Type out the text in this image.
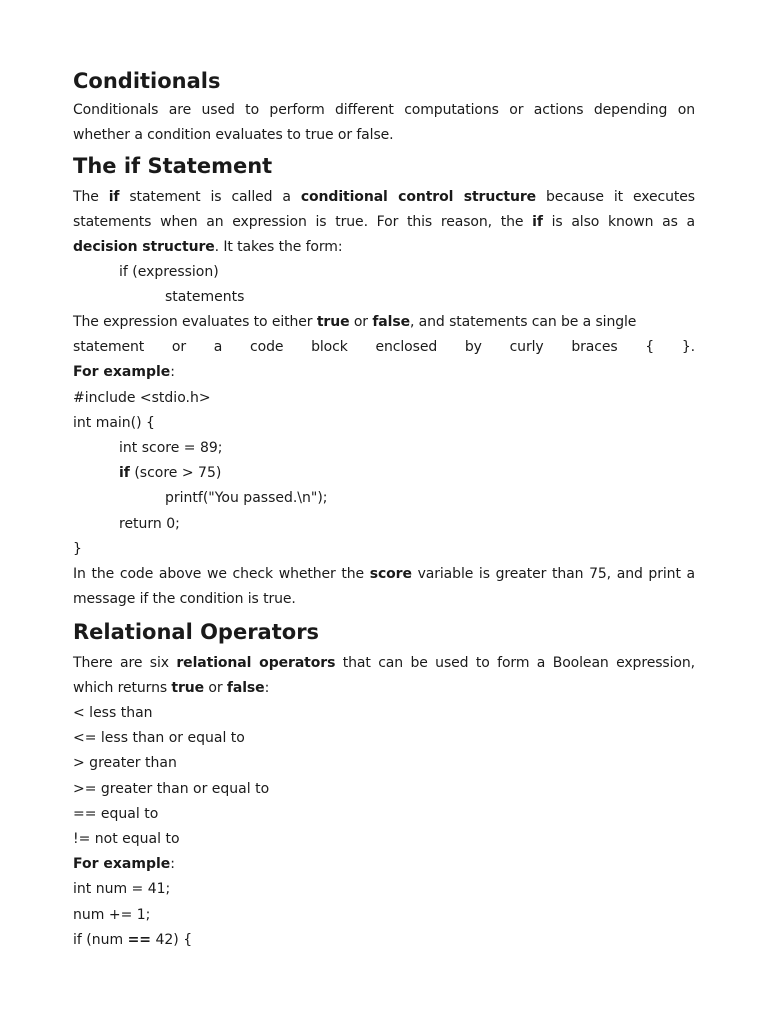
Conditionals

Conditionals are used to perform different computations or actions depending on whether a condition evaluates to true or false.

The if Statement

The if statement is called a conditional control structure because it executes statements when an expression is true. For this reason, the if is also known as a decision structure. It takes the form:

if (expression)
statements

The expression evaluates to either true or false, and statements can be a single

statement or a code block enclosed by curly braces { }.

For example:
#include <stdio.h>
int main() {
int score = 89;
if (score > 75)
printf("You passed.\n");
return 0;
}

In the code above we check whether the score variable is greater than 75, and print a message if the condition is true.

Relational Operators

There are six relational operators that can be used to form a Boolean expression, which returns true or false:

< less than
<= less than or equal to
> greater than
>= greater than or equal to
== equal to
!= not equal to
For example:
int num = 41;
num += 1;
if (num == 42) {
